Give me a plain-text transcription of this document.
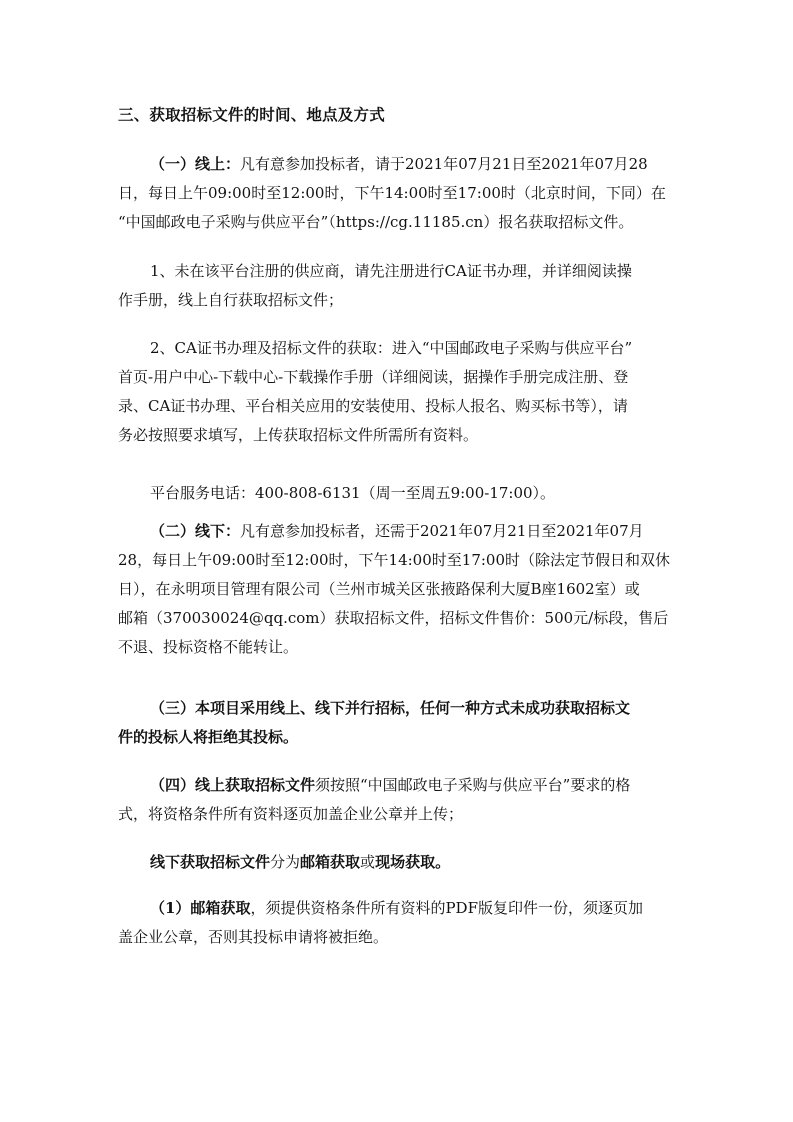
三、获取招标文件的时间、地点及方式
（一）线上：凡有意参加投标者，请于2021年07月21日至2021年07月28
日，每日上午09:00时至12:00时，下午14:00时至17:00时（北京时间，下同）在
“中国邮政电子采购与供应平台”（https://cg.11185.cn）报名获取招标文件。
1、未在该平台注册的供应商，请先注册进行CA证书办理，并详细阅读操
作手册，线上自行获取招标文件；
2、CA证书办理及招标文件的获取：进入“中国邮政电子采购与供应平台”
首页-用户中心-下载中心-下载操作手册（详细阅读，据操作手册完成注册、登
录、CA证书办理、平台相关应用的安装使用、投标人报名、购买标书等），请
务必按照要求填写，上传获取招标文件所需所有资料。
平台服务电话：400-808-6131（周一至周五9:00-17:00）。
（二）线下：凡有意参加投标者，还需于2021年07月21日至2021年07月
28，每日上午09:00时至12:00时，下午14:00时至17:00时（除法定节假日和双休
日），在永明项目管理有限公司（兰州市城关区张掖路保利大厦B座1602室）或
邮箱（370030024@qq.com）获取招标文件，招标文件售价：500元/标段，售后
不退、投标资格不能转让。
（三）本项目采用线上、线下并行招标，任何一种方式未成功获取招标文
件的投标人将拒绝其投标。
（四）线上获取招标文件须按照“中国邮政电子采购与供应平台”要求的格
式，将资格条件所有资料逐页加盖企业公章并上传；
线下获取招标文件分为邮箱获取或现场获取。
（1）邮箱获取，须提供资格条件所有资料的PDF版复印件一份，须逐页加
盖企业公章，否则其投标申请将被拒绝。
